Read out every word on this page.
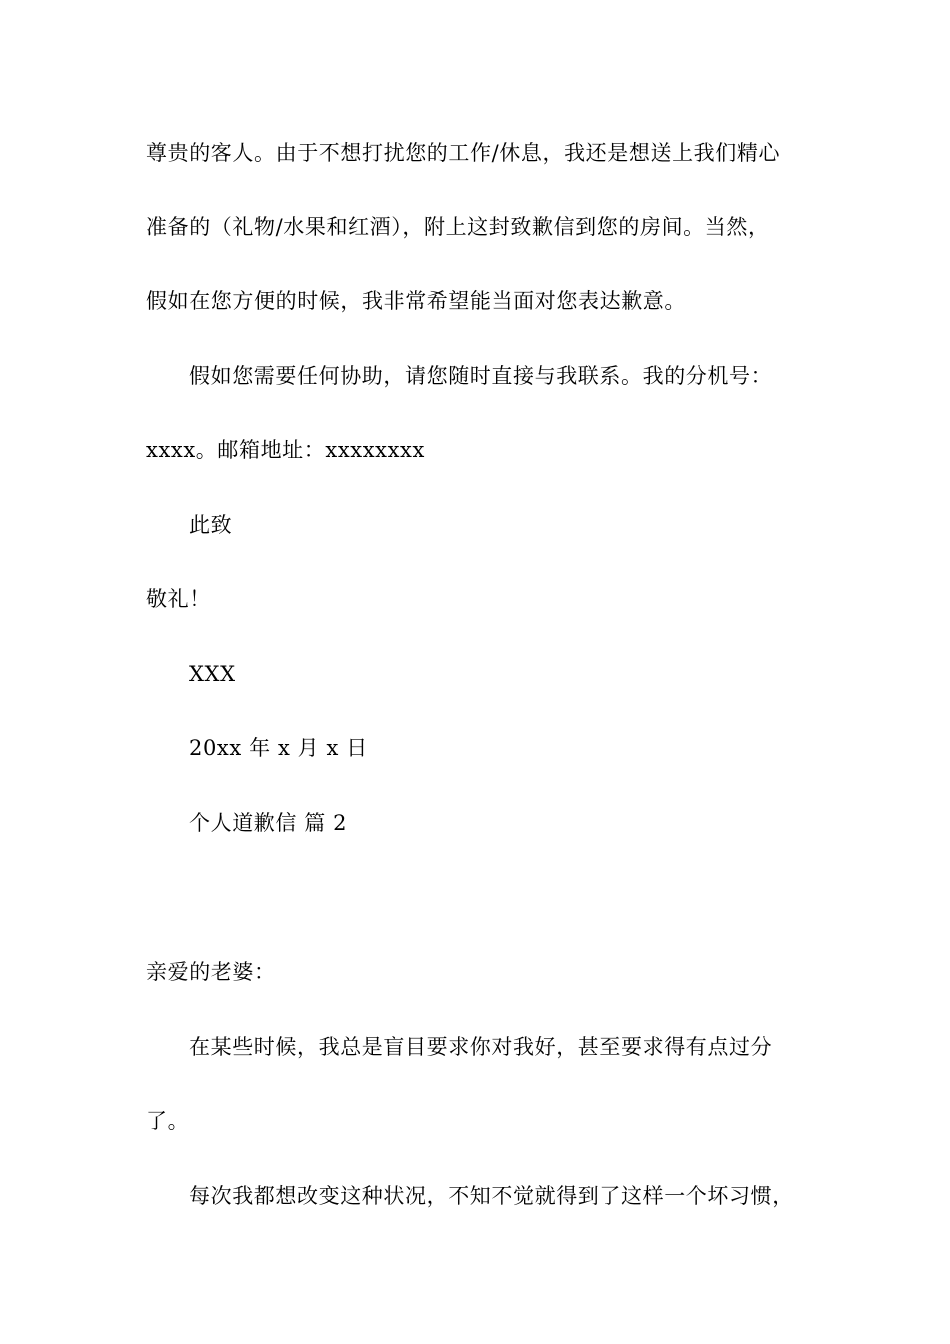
尊贵的客人。由于不想打扰您的工作/休息，我还是想送上我们精心
准备的（礼物/水果和红酒），附上这封致歉信到您的房间。当然，
假如在您方便的时候，我非常希望能当面对您表达歉意。
假如您需要任何协助，请您随时直接与我联系。我的分机号：
xxxx。邮箱地址：xxxxxxxx
此致
敬礼！
XXX
20xx 年 x 月 x 日
个人道歉信 篇 2
亲爱的老婆：
在某些时候，我总是盲目要求你对我好，甚至要求得有点过分
了。
每次我都想改变这种状况，不知不觉就得到了这样一个坏习惯，
